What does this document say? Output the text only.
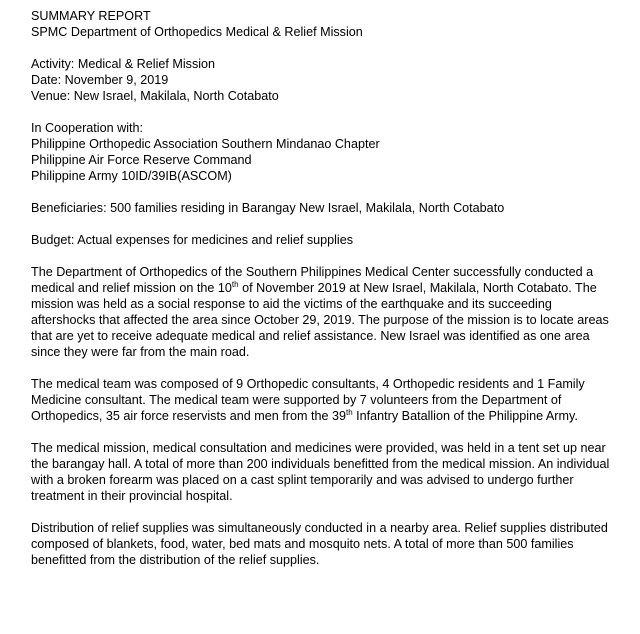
SUMMARY REPORT
SPMC Department of Orthopedics Medical & Relief Mission
Activity: Medical & Relief Mission
Date: November 9, 2019
Venue: New Israel, Makilala, North Cotabato
In Cooperation with:
Philippine Orthopedic Association Southern Mindanao Chapter
Philippine Air Force Reserve Command
Philippine Army 10ID/39IB(ASCOM)
Beneficiaries: 500 families residing in Barangay New Israel, Makilala, North Cotabato
Budget: Actual expenses for medicines and relief supplies
The Department of Orthopedics of the Southern Philippines Medical Center successfully conducted a medical and relief mission on the 10th of November 2019 at New Israel, Makilala, North Cotabato. The mission was held as a social response to aid the victims of the earthquake and its succeeding aftershocks that affected the area since October 29, 2019. The purpose of the mission is to locate areas that are yet to receive adequate medical and relief assistance. New Israel was identified as one area since they were far from the main road.
The medical team was composed of 9 Orthopedic consultants, 4 Orthopedic residents and 1 Family Medicine consultant. The medical team were supported by 7 volunteers from the Department of Orthopedics, 35 air force reservists and men from the 39th Infantry Batallion of the Philippine Army.
The medical mission, medical consultation and medicines were provided, was held in a tent set up near the barangay hall. A total of more than 200 individuals benefitted from the medical mission. An individual with a broken forearm was placed on a cast splint temporarily and was advised to undergo further treatment in their provincial hospital.
Distribution of relief supplies was simultaneously conducted in a nearby area. Relief supplies distributed composed of blankets, food, water, bed mats and mosquito nets. A total of more than 500 families benefitted from the distribution of the relief supplies.
